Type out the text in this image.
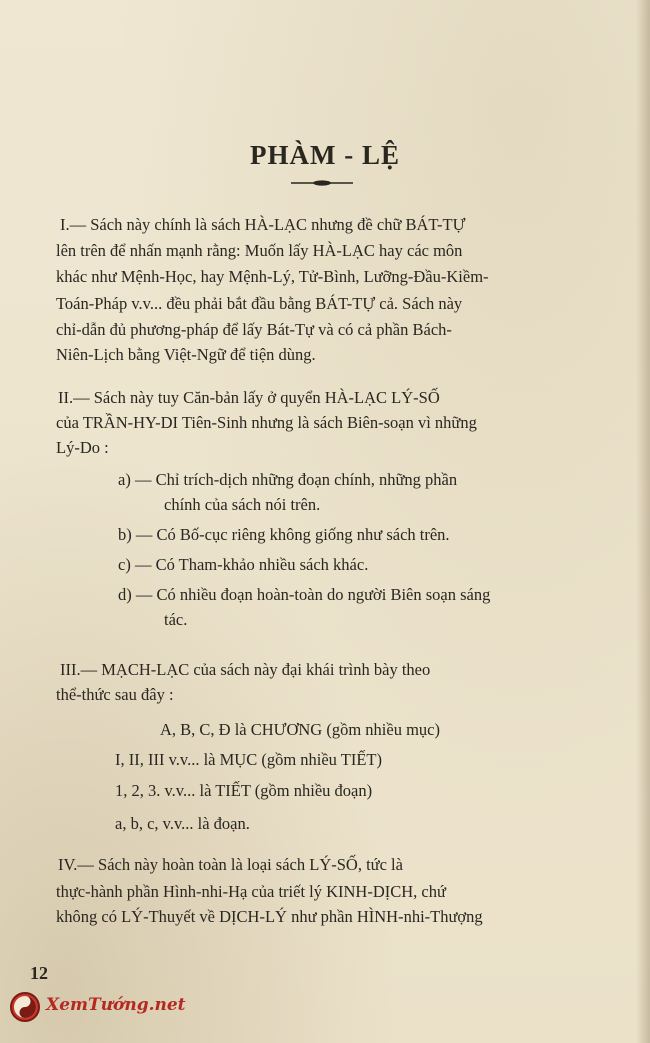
PHÀM - LỆ
I.— Sách này chính là sách HÀ-LẠC nhưng đề chữ BÁT-TỰ
lên trên để nhấn mạnh rằng: Muốn lấy HÀ-LẠC hay các môn
khác như Mệnh-Học, hay Mệnh-Lý, Tử-Bình, Lưỡng-Đầu-Kiềm-
Toán-Pháp v.v... đều phải bắt đầu bằng BÁT-TỰ cả. Sách này
chỉ-dẫn đủ phương-pháp để lấy Bát-Tự và có cả phần Bách-
Niên-Lịch bằng Việt-Ngữ để tiện dùng.
II.— Sách này tuy Căn-bản lấy ở quyển HÀ-LẠC LÝ-SỐ
của TRẦN-HY-DI Tiên-Sinh nhưng là sách Biên-soạn vì những
Lý-Do :
a) — Chỉ trích-dịch những đoạn chính, những phần
chính của sách nói trên.
b) — Có Bố-cục riêng không giống như sách trên.
c) — Có Tham-khảo nhiều sách khác.
d) — Có nhiều đoạn hoàn-toàn do người Biên soạn sáng
tác.
III.— MẠCH-LẠC của sách này đại khái trình bày theo
thể-thức sau đây :
A, B, C, Đ là CHƯƠNG (gồm nhiều mục)
I, II, III v.v... là MỤC (gồm nhiều TIẾT)
1, 2, 3. v.v... là TIẾT (gồm nhiều đoạn)
a, b, c, v.v... là đoạn.
IV.— Sách này hoàn toàn là loại sách LÝ-SỐ, tức là
thực-hành phần Hình-nhi-Hạ của triết lý KINH-DỊCH, chứ
không có LÝ-Thuyết về DỊCH-LÝ như phần HÌNH-nhi-Thượng
12
XemTướng.net
